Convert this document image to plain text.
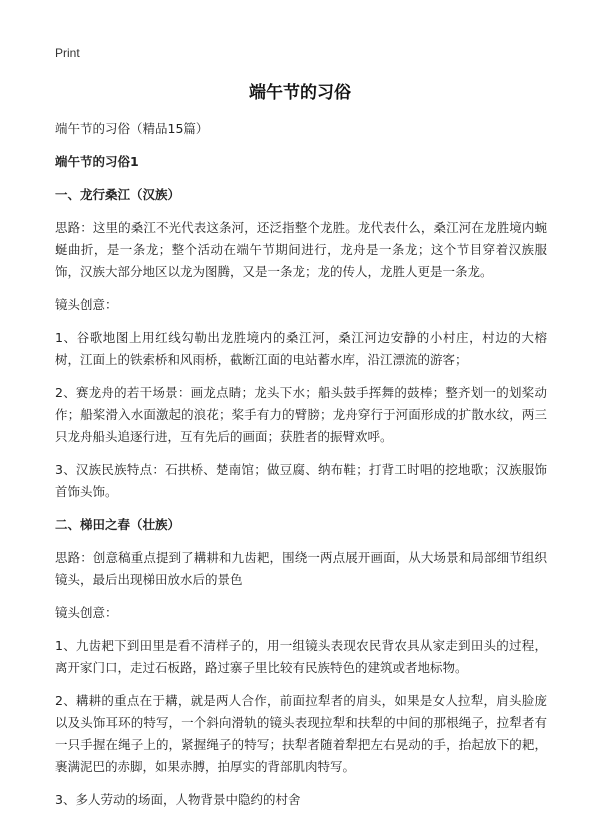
Print
端午节的习俗

端午节的习俗（精品15篇）

端午节的习俗1

一、龙行桑江（汉族）

思路：这里的桑江不光代表这条河，还泛指整个龙胜。龙代表什么，桑江河在龙胜境内蜿蜒曲折，是一条龙；整个活动在端午节期间进行，龙舟是一条龙；这个节目穿着汉族服饰，汉族大部分地区以龙为图腾，又是一条龙；龙的传人，龙胜人更是一条龙。

镜头创意：

1、谷歌地图上用红线勾勒出龙胜境内的桑江河，桑江河边安静的小村庄，村边的大榕树，江面上的铁索桥和风雨桥，截断江面的电站蓄水库，沿江漂流的游客；

2、赛龙舟的若干场景：画龙点睛；龙头下水；船头鼓手挥舞的鼓棒；整齐划一的划桨动作；船桨滑入水面激起的浪花；桨手有力的臂膀；龙舟穿行于河面形成的扩散水纹，两三只龙舟船头追逐行进，互有先后的画面；获胜者的振臂欢呼。

3、汉族民族特点：石拱桥、楚南馆；做豆腐、纳布鞋；打背工时唱的挖地歌；汉族服饰首饰头饰。

二、梯田之春（壮族）

思路：创意稿重点提到了耩耕和九齿耙，围绕一两点展开画面，从大场景和局部细节组织镜头，最后出现梯田放水后的景色

镜头创意：

1、九齿耙下到田里是看不清样子的，用一组镜头表现农民背农具从家走到田头的过程，离开家门口，走过石板路，路过寨子里比较有民族特色的建筑或者地标物。

2、耩耕的重点在于耩，就是两人合作，前面拉犁者的肩头，如果是女人拉犁，肩头脸庞以及头饰耳环的特写，一个斜向滑轨的镜头表现拉犁和扶犁的中间的那根绳子，拉犁者有一只手握在绳子上的，紧握绳子的特写；扶犁者随着犁把左右晃动的手，抬起放下的耙，裹满泥巴的赤脚，如果赤膊，拍厚实的背部肌肉特写。

3、多人劳动的场面，人物背景中隐约的村舍
